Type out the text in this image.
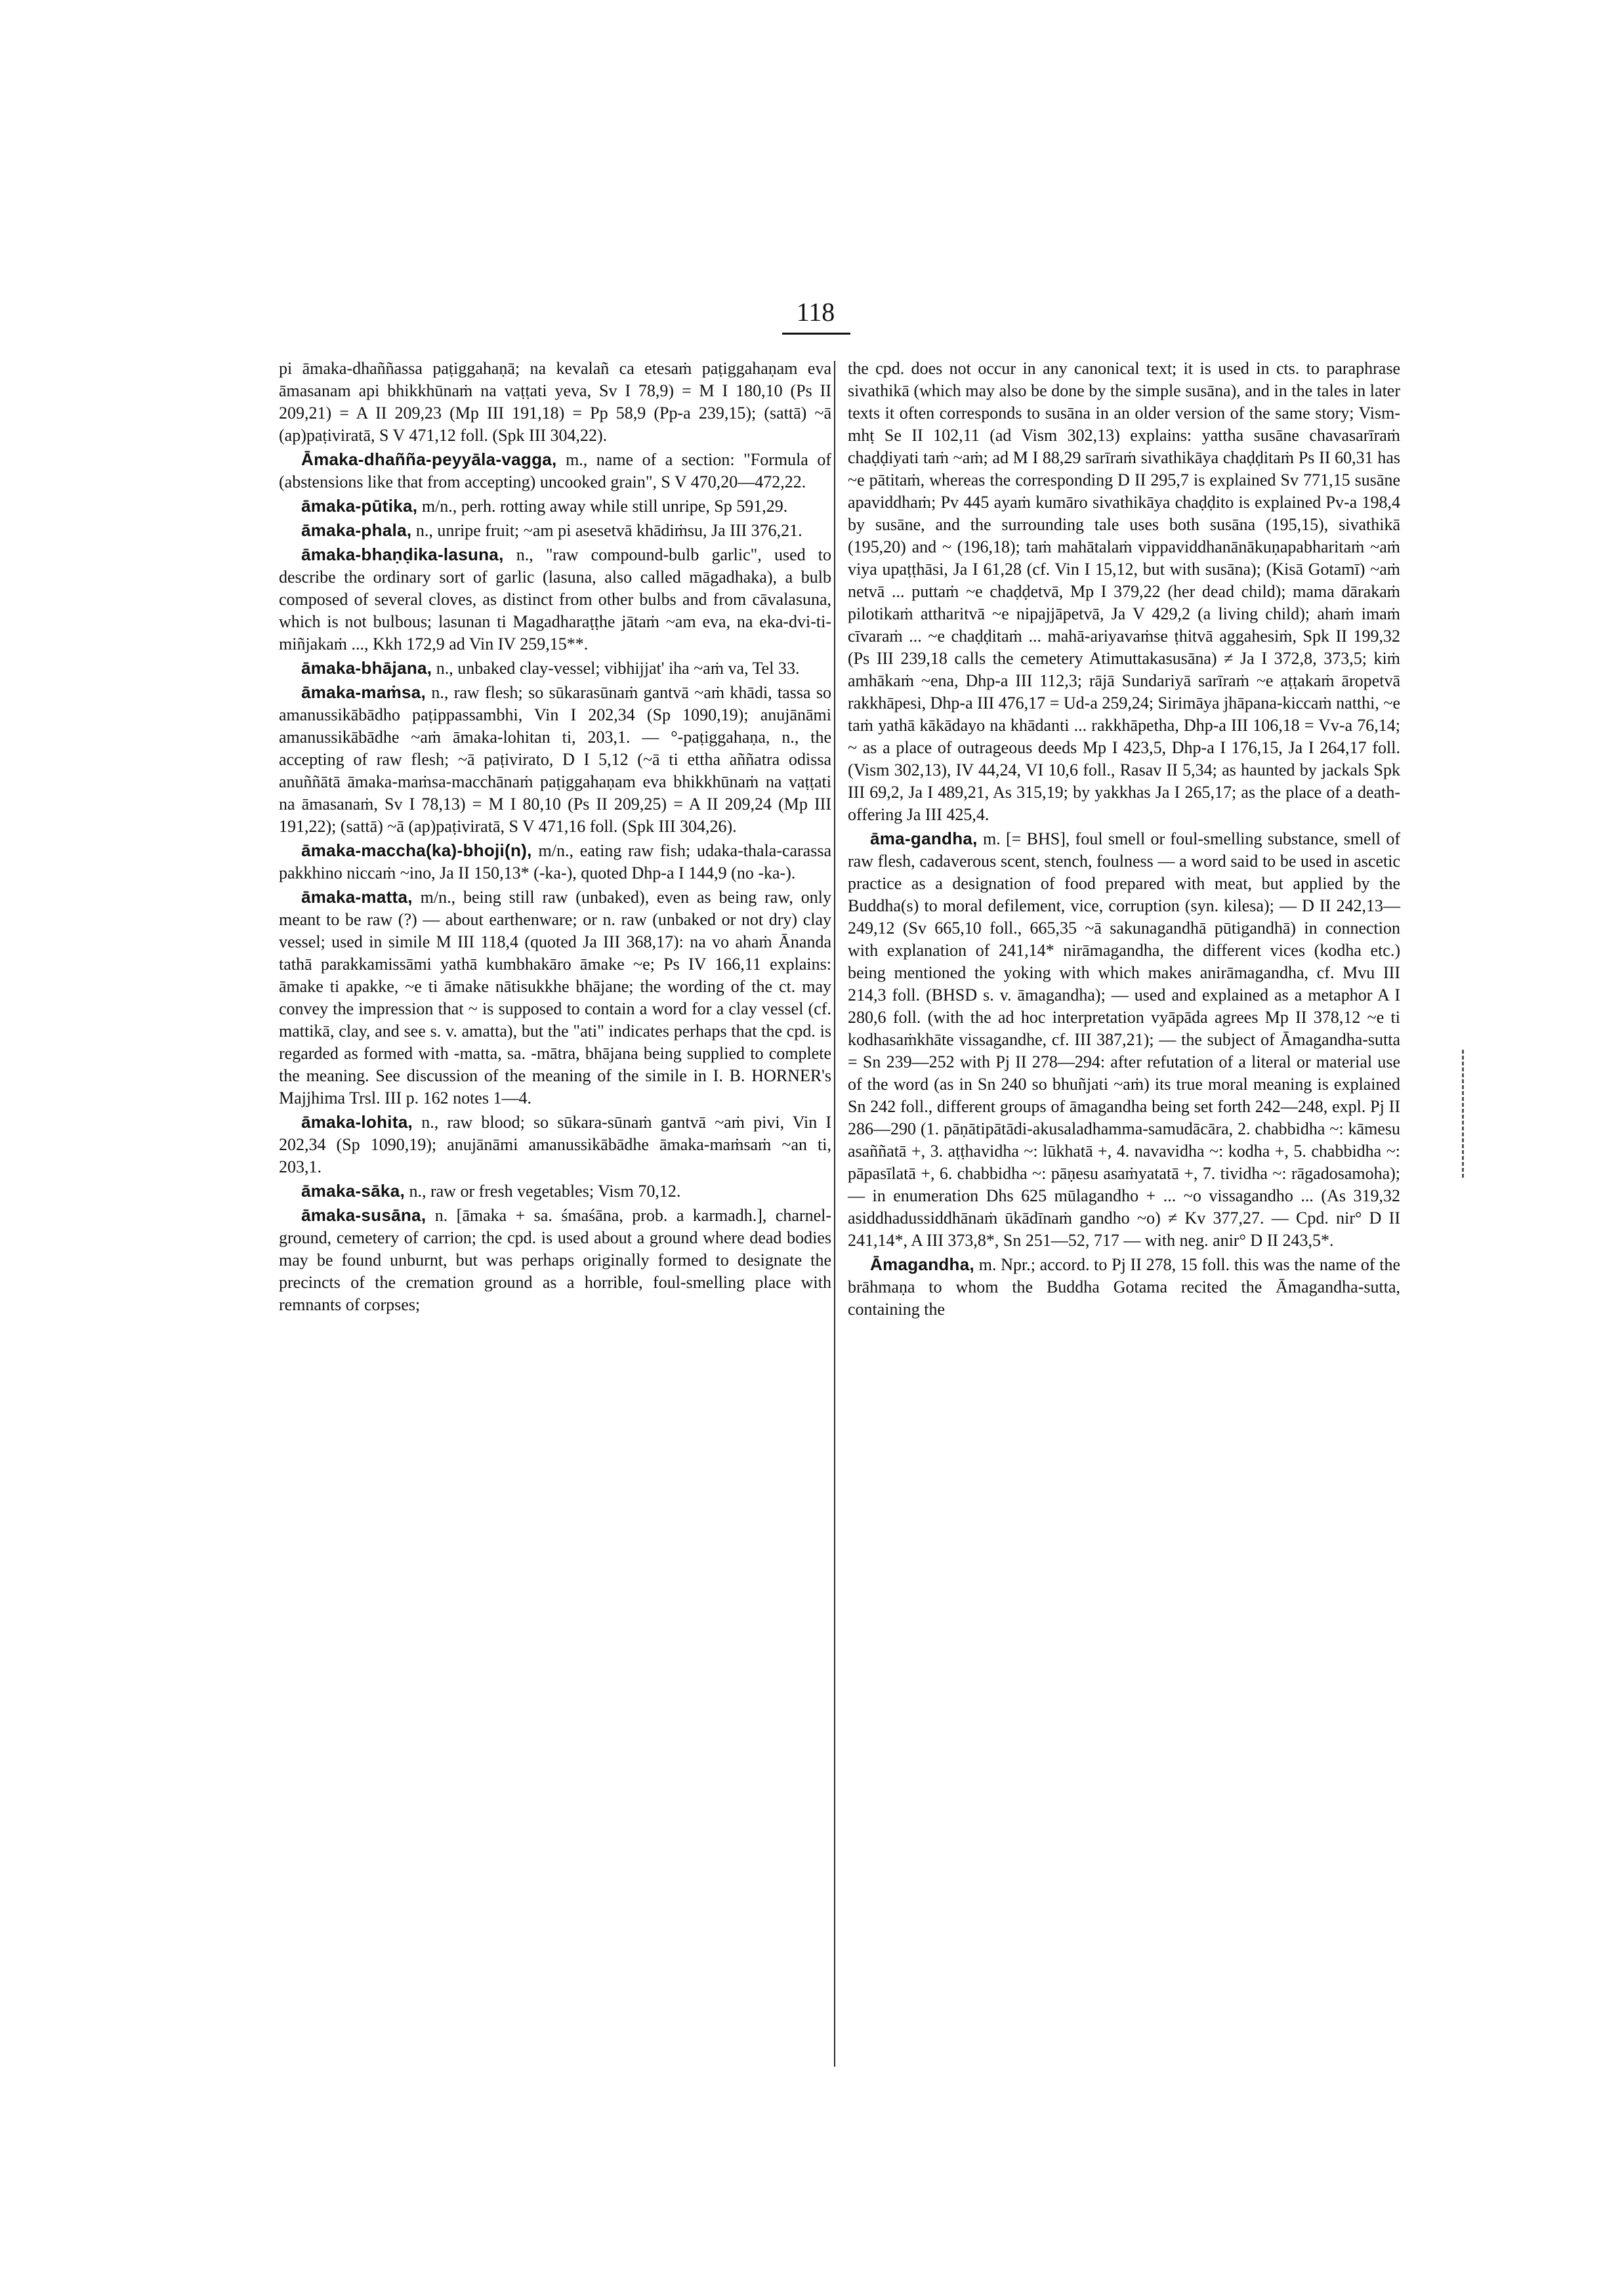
118

pi āmaka-dhaññassa paṭiggahaṇā; na kevalañ ca etesaṁ paṭiggahaṇam eva āmasanam api bhikkhūnaṁ na vaṭṭati yeva, Sv I 78,9) = M I 180,10 (Ps II 209,21) = A II 209,23 (Mp III 191,18) = Pp 58,9 (Pp-a 239,15); (sattā) ~ā (ap)paṭiviratā, S V 471,12 foll. (Spk III 304,22).

Āmaka-dhañña-peyyāla-vagga, m., name of a section: "Formula of (abstensions like that from accepting) uncooked grain", S V 470,20—472,22.

āmaka-pūtika, m/n., perh. rotting away while still unripe, Sp 591,29.

āmaka-phala, n., unripe fruit; ~am pi asesetvā khādiṁsu, Ja III 376,21.

āmaka-bhaṇḍika-lasuna, n., "raw compound-bulb garlic", used to describe the ordinary sort of garlic (lasuna, also called māgadhaka), a bulb composed of several cloves, as distinct from other bulbs and from cāvalasuna, which is not bulbous; lasunan ti Magadharaṭṭhe jātaṁ ~am eva, na eka-dvi-ti-miñjakaṁ ..., Kkh 172,9 ad Vin IV 259,15**.

āmaka-bhājana, n., unbaked clay-vessel; vibhijjat' iha ~aṁ va, Tel 33.

āmaka-maṁsa, n., raw flesh; so sūkarasūnaṁ gantvā ~aṁ khādi, tassa so amanussikābādho paṭippassambhi, Vin I 202,34 (Sp 1090,19); anujānāmi amanussikābādhe ~aṁ āmaka-lohitan ti, 203,1. — °-paṭiggahaṇa, n., the accepting of raw flesh; ~ā paṭivirato, D I 5,12 (~ā ti ettha aññatra odissa anuññātā āmaka-maṁsa-macchānaṁ paṭiggahaṇam eva bhikkhūnaṁ na vaṭṭati na āmasanaṁ, Sv I 78,13) = M I 80,10 (Ps II 209,25) = A II 209,24 (Mp III 191,22); (sattā) ~ā (ap)paṭiviratā, S V 471,16 foll. (Spk III 304,26).

āmaka-maccha(ka)-bhoji(n), m/n., eating raw fish; udaka-thala-carassa pakkhino niccaṁ ~ino, Ja II 150,13* (-ka-), quoted Dhp-a I 144,9 (no -ka-).

āmaka-matta, m/n., being still raw (unbaked), even as being raw, only meant to be raw (?) — about earthenware; or n. raw (unbaked or not dry) clay vessel; used in simile M III 118,4 (quoted Ja III 368,17): na vo ahaṁ Ānanda tathā parakkamissāmi yathā kumbhakāro āmake ~e; Ps IV 166,11 explains: āmake ti apakke, ~e ti āmake nātisukkhe bhājane; the wording of the ct. may convey the impression that ~ is supposed to contain a word for a clay vessel (cf. mattikā, clay, and see s. v. amatta), but the "ati" indicates perhaps that the cpd. is regarded as formed with -matta, sa. -mātra, bhājana being supplied to complete the meaning. See discussion of the meaning of the simile in I. B. HORNER's Majjhima Trsl. III p. 162 notes 1—4.

āmaka-lohita, n., raw blood; so sūkara-sūnaṁ gantvā ~aṁ pivi, Vin I 202,34 (Sp 1090,19); anujānāmi amanussikābādhe āmaka-maṁsaṁ ~an ti, 203,1.

āmaka-sāka, n., raw or fresh vegetables; Vism 70,12.

āmaka-susāna, n. [āmaka + sa. śmaśāna, prob. a karmadh.], charnel-ground, cemetery of carrion; the cpd. is used about a ground where dead bodies may be found unburnt, but was perhaps originally formed to designate the precincts of the cremation ground as a horrible, foul-smelling place with remnants of corpses;

the cpd. does not occur in any canonical text; it is used in cts. to paraphrase sivathikā (which may also be done by the simple susāna), and in the tales in later texts it often corresponds to susāna in an older version of the same story; Vism-mhṭ Se II 102,11 (ad Vism 302,13) explains: yattha susāne chavasarīraṁ chaḍḍiyati taṁ ~aṁ; ad M I 88,29 sarīraṁ sivathikāya chaḍḍitaṁ Ps II 60,31 has ~e pātitaṁ, whereas the corresponding D II 295,7 is explained Sv 771,15 susāne apaviddhaṁ; Pv 445 ayaṁ kumāro sivathikāya chaḍḍito is explained Pv-a 198,4 by susāne, and the surrounding tale uses both susāna (195,15), sivathikā (195,20) and ~ (196,18); taṁ mahātalaṁ vippaviddhanānākuṇapabharitaṁ ~aṁ viya upaṭṭhāsi, Ja I 61,28 (cf. Vin I 15,12, but with susāna); (Kisā Gotamī) ~aṁ netvā ... puttaṁ ~e chaḍḍetvā, Mp I 379,22 (her dead child); mama dārakaṁ pilotikaṁ attharitvā ~e nipajjāpetvā, Ja V 429,2 (a living child); ahaṁ imaṁ cīvaraṁ ... ~e chaḍḍitaṁ ... mahā-ariyavaṁse ṭhitvā aggahesiṁ, Spk II 199,32 (Ps III 239,18 calls the cemetery Atimuttakasusāna) ≠ Ja I 372,8, 373,5; kiṁ amhākaṁ ~ena, Dhp-a III 112,3; rājā Sundariyā sarīraṁ ~e aṭṭakaṁ āropetvā rakkhāpesi, Dhp-a III 476,17 = Ud-a 259,24; Sirimāya jhāpana-kiccaṁ natthi, ~e taṁ yathā kākādayo na khādanti ... rakkhāpetha, Dhp-a III 106,18 = Vv-a 76,14; ~ as a place of outrageous deeds Mp I 423,5, Dhp-a I 176,15, Ja I 264,17 foll. (Vism 302,13), IV 44,24, VI 10,6 foll., Rasav II 5,34; as haunted by jackals Spk III 69,2, Ja I 489,21, As 315,19; by yakkhas Ja I 265,17; as the place of a death-offering Ja III 425,4.

āma-gandha, m. [= BHS], foul smell or foul-smelling substance, smell of raw flesh, cadaverous scent, stench, foulness — a word said to be used in ascetic practice as a designation of food prepared with meat, but applied by the Buddha(s) to moral defilement, vice, corruption (syn. kilesa); — D II 242,13—249,12 (Sv 665,10 foll., 665,35 ~ā sakunagandhā pūtigandhā) in connection with explanation of 241,14* nirāmagandha, the different vices (kodha etc.) being mentioned the yoking with which makes anirāmagandha, cf. Mvu III 214,3 foll. (BHSD s. v. āmagandha); — used and explained as a metaphor A I 280,6 foll. (with the ad hoc interpretation vyāpāda agrees Mp II 378,12 ~e ti kodhasaṁkhāte vissagandhe, cf. III 387,21); — the subject of Āmagandha-sutta = Sn 239—252 with Pj II 278—294: after refutation of a literal or material use of the word (as in Sn 240 so bhuñjati ~aṁ) its true moral meaning is explained Sn 242 foll., different groups of āmagandha being set forth 242—248, expl. Pj II 286—290 (1. pāṇātipātādi-akusaladhamma-samudācāra, 2. chabbidha ~: kāmesu asaññatā +, 3. aṭṭhavidha ~: lūkhatā +, 4. navavidha ~: kodha +, 5. chabbidha ~: pāpasīlatā +, 6. chabbidha ~: pāṇesu asaṁyatatā +, 7. tividha ~: rāgadosamoha); — in enumeration Dhs 625 mūlagandho + ... ~o vissagandho ... (As 319,32 asiddhadussiddhānaṁ ūkādīnaṁ gandho ~o) ≠ Kv 377,27. — Cpd. nir° D II 241,14*, A III 373,8*, Sn 251—52, 717 — with neg. anir° D II 243,5*.

Āmagandha, m. Npr.; accord. to Pj II 278, 15 foll. this was the name of the brāhmaṇa to whom the Buddha Gotama recited the Āmagandha-sutta, containing the
